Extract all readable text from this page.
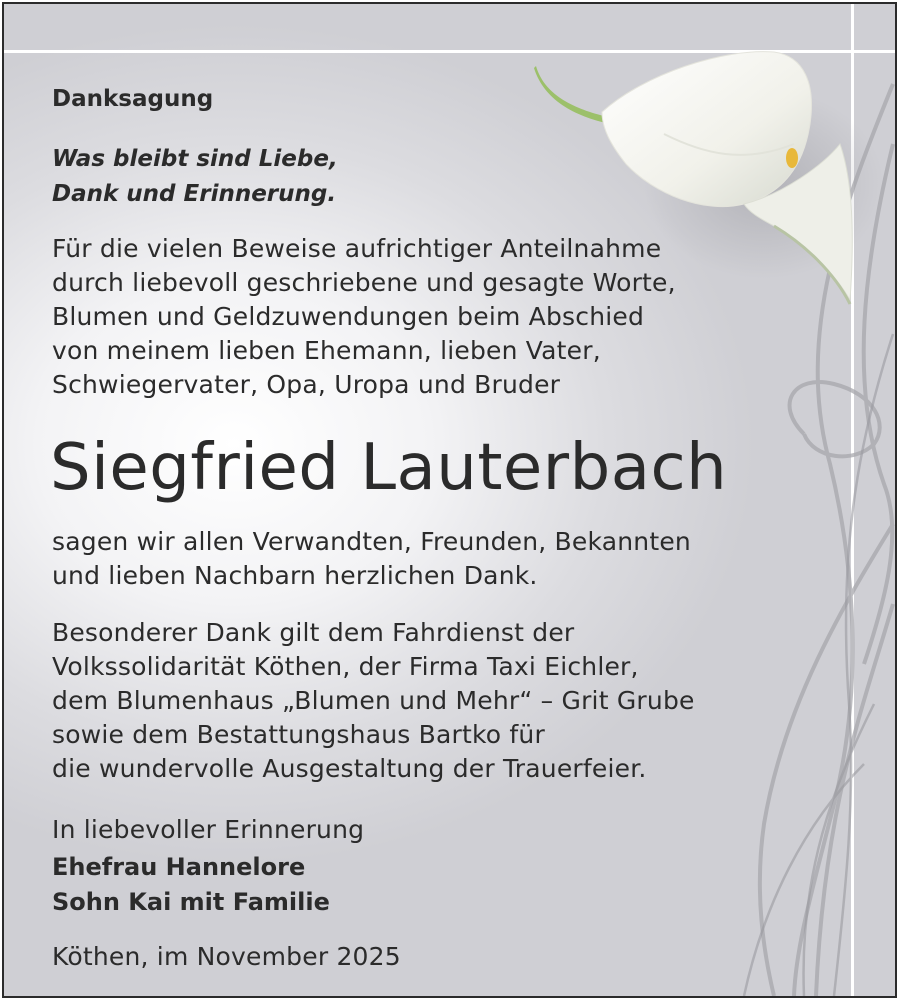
Danksagung
Was bleibt sind Liebe,
Dank und Erinnerung.
Für die vielen Beweise aufrichtiger Anteilnahme
durch liebevoll geschriebene und gesagte Worte,
Blumen und Geldzuwendungen beim Abschied
von meinem lieben Ehemann, lieben Vater,
Schwiegervater, Opa, Uropa und Bruder
Siegfried Lauterbach
sagen wir allen Verwandten, Freunden, Bekannten
und lieben Nachbarn herzlichen Dank.
Besonderer Dank gilt dem Fahrdienst der
Volkssolidarität Köthen, der Firma Taxi Eichler,
dem Blumenhaus „Blumen und Mehr“ – Grit Grube
sowie dem Bestattungshaus Bartko für
die wundervolle Ausgestaltung der Trauerfeier.
In liebevoller Erinnerung
Ehefrau Hannelore
Sohn Kai mit Familie
Köthen, im November 2025
